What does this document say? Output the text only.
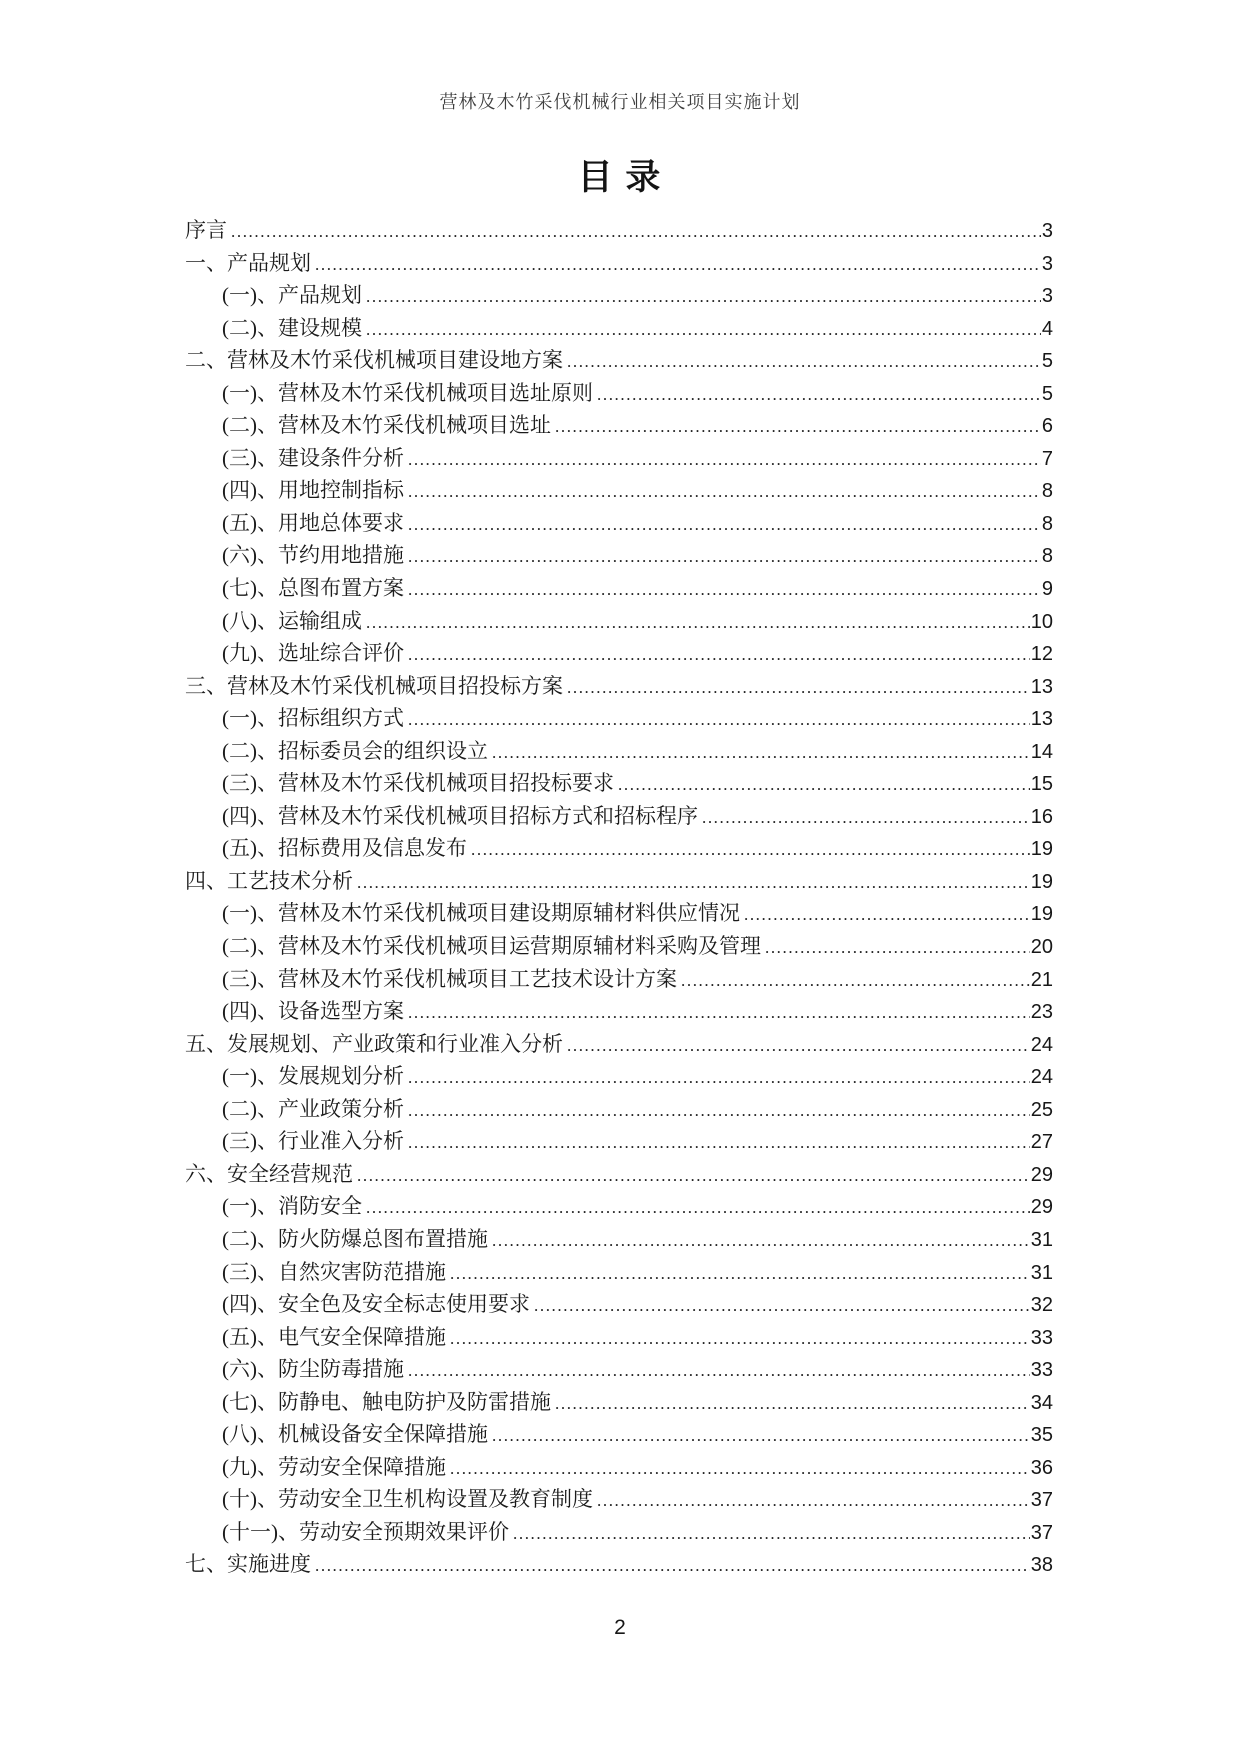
营林及木竹采伐机械行业相关项目实施计划
目 录
序言 .....	3
一、产品规划 .....	3
(一)、产品规划 .....	3
(二)、建设规模 .....	4
二、营林及木竹采伐机械项目建设地方案 .....	5
(一)、营林及木竹采伐机械项目选址原则 .....	5
(二)、营林及木竹采伐机械项目选址 .....	6
(三)、建设条件分析 .....	7
(四)、用地控制指标 .....	8
(五)、用地总体要求 .....	8
(六)、节约用地措施 .....	8
(七)、总图布置方案 .....	9
(八)、运输组成 .....	10
(九)、选址综合评价 .....	12
三、营林及木竹采伐机械项目招投标方案 .....	13
(一)、招标组织方式 .....	13
(二)、招标委员会的组织设立 .....	14
(三)、营林及木竹采伐机械项目招投标要求 .....	15
(四)、营林及木竹采伐机械项目招标方式和招标程序 .....	16
(五)、招标费用及信息发布 .....	19
四、工艺技术分析 .....	19
(一)、营林及木竹采伐机械项目建设期原辅材料供应情况 .....	19
(二)、营林及木竹采伐机械项目运营期原辅材料采购及管理 .....	20
(三)、营林及木竹采伐机械项目工艺技术设计方案 .....	21
(四)、设备选型方案 .....	23
五、发展规划、产业政策和行业准入分析 .....	24
(一)、发展规划分析 .....	24
(二)、产业政策分析 .....	25
(三)、行业准入分析 .....	27
六、安全经营规范 .....	29
(一)、消防安全 .....	29
(二)、防火防爆总图布置措施 .....	31
(三)、自然灾害防范措施 .....	31
(四)、安全色及安全标志使用要求 .....	32
(五)、电气安全保障措施 .....	33
(六)、防尘防毒措施 .....	33
(七)、防静电、触电防护及防雷措施 .....	34
(八)、机械设备安全保障措施 .....	35
(九)、劳动安全保障措施 .....	36
(十)、劳动安全卫生机构设置及教育制度 .....	37
(十一)、劳动安全预期效果评价 .....	37
七、实施进度 .....	38
2
